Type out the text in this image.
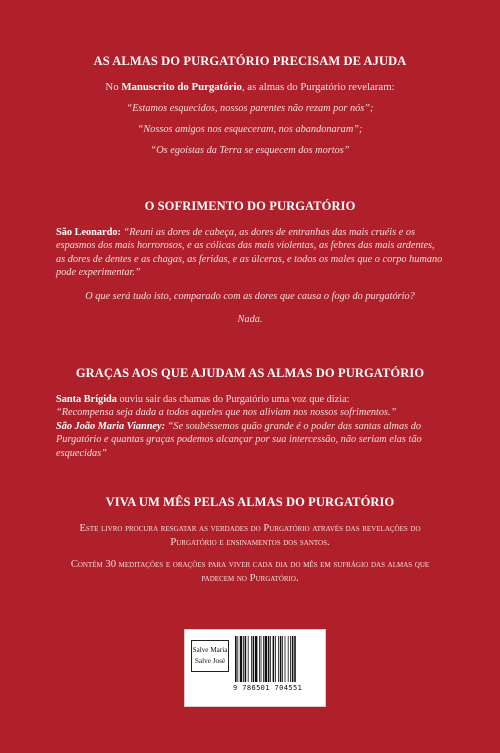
AS ALMAS DO PURGATÓRIO PRECISAM DE AJUDA

No Manuscrito do Purgatório, as almas do Purgatório revelaram:

“Estamos esquecidos, nossos parentes não rezam por nós”;

“Nossos amigos nos esqueceram, nos abandonaram”;

“Os egoístas da Terra se esquecem dos mortos”

O SOFRIMENTO DO PURGATÓRIO

São Leonardo: “Reuni as dores de cabeça, as dores de entranhas das mais cruéis e os espasmos dos mais horrorosos, e as cólicas das mais violentas, as febres das mais ardentes, as dores de dentes e as chagas, as feridas, e as úlceras, e todos os males que o corpo humano pode experimentar.”

O que será tudo isto, comparado com as dores que causa o fogo do purgatório?

Nada.

GRAÇAS AOS QUE AJUDAM AS ALMAS DO PURGATÓRIO

Santa Brígida ouviu sair das chamas do Purgatório uma voz que dizia:

“Recompensa seja dada a todos aqueles que nos aliviam nos nossos sofrimentos.”

São João Maria Vianney: “Se soubéssemos quão grande é o poder das santas almas do Purgatório e quantas graças podemos alcançar por sua intercessão, não seriam elas tão esquecidas”

VIVA UM MÊS PELAS ALMAS DO PURGATÓRIO

Este livro procura resgatar as verdades do Purgatório através das revelações do Purgatório e ensinamentos dos santos.

Contém 30 meditações e orações para viver cada dia do mês em sufrágio das almas que padecem no Purgatório.

Salve Maria
Salve José
9 786501 704551
